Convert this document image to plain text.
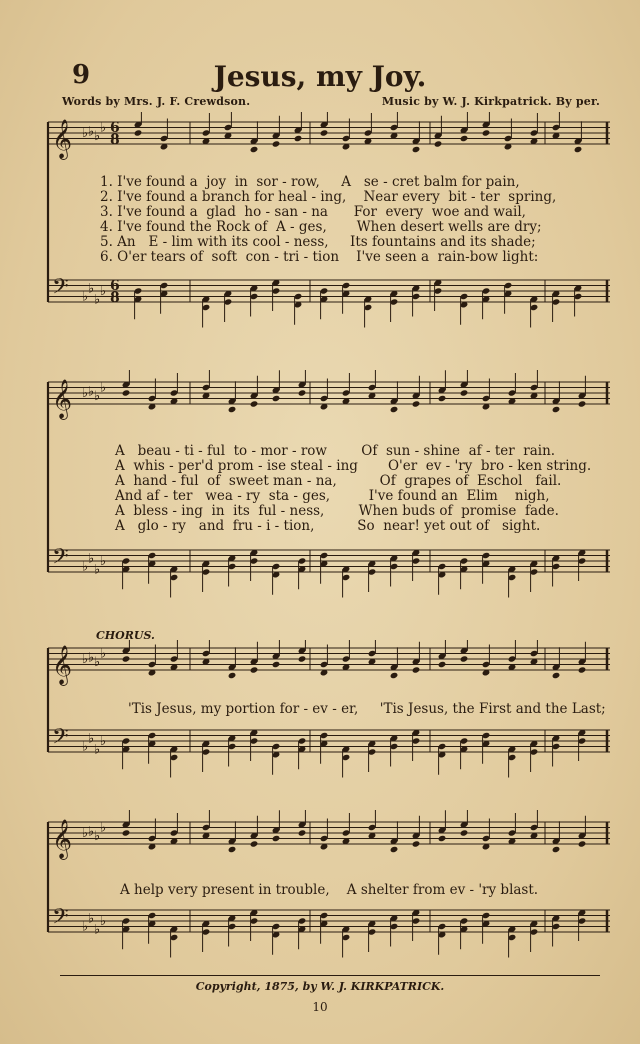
9	Jesus, my Joy.
Words by Mrs. J. F. Crewdson.	Music by W. J. Kirkpatrick. By per.
𝄞 ♭ ♭ ♭
♭ 6
8
𝄢 ♭
♭
♭
♭ 6
8

1. I've found a  joy  in  sor - row,     A   se - cret balm for pain,

2. I've found a branch for heal - ing,    Near every  bit - ter  spring,

3. I've found a  glad  ho - san - na      For  every  woe and wail,

4. I've found the Rock of  A - ges,       When desert wells are dry;

5. An   E - lim with its cool - ness,     Its fountains and its shade;

6. O'er tears of  soft  con - tri - tion    I've seen a  rain-bow light:

𝄞 ♭ ♭ ♭
♭
𝄢 ♭
♭
♭
♭

A   beau - ti - ful  to - mor - row        Of  sun - shine  af - ter  rain.

A  whis - per'd prom - ise steal - ing       O'er  ev - 'ry  bro - ken string.

A  hand - ful  of  sweet man - na,          Of  grapes of  Eschol   fail.

And af - ter   wea - ry  sta - ges,         I've found an  Elim    nigh,

A  bless - ing  in  its  ful - ness,        When buds of  promise  fade.

A   glo - ry   and  fru - i - tion,          So  near! yet out of   sight.

CHORUS.
𝄞 ♭ ♭ ♭
♭
𝄢 ♭
♭
♭
♭
'Tis Jesus, my portion for - ev - er,     'Tis Jesus, the First and the Last;
𝄞 ♭ ♭ ♭
♭
𝄢 ♭
♭
♭
♭
A help very present in trouble,    A shelter from ev - 'ry blast.
Copyright, 1875, by W. J. KIRKPATRICK.
10
